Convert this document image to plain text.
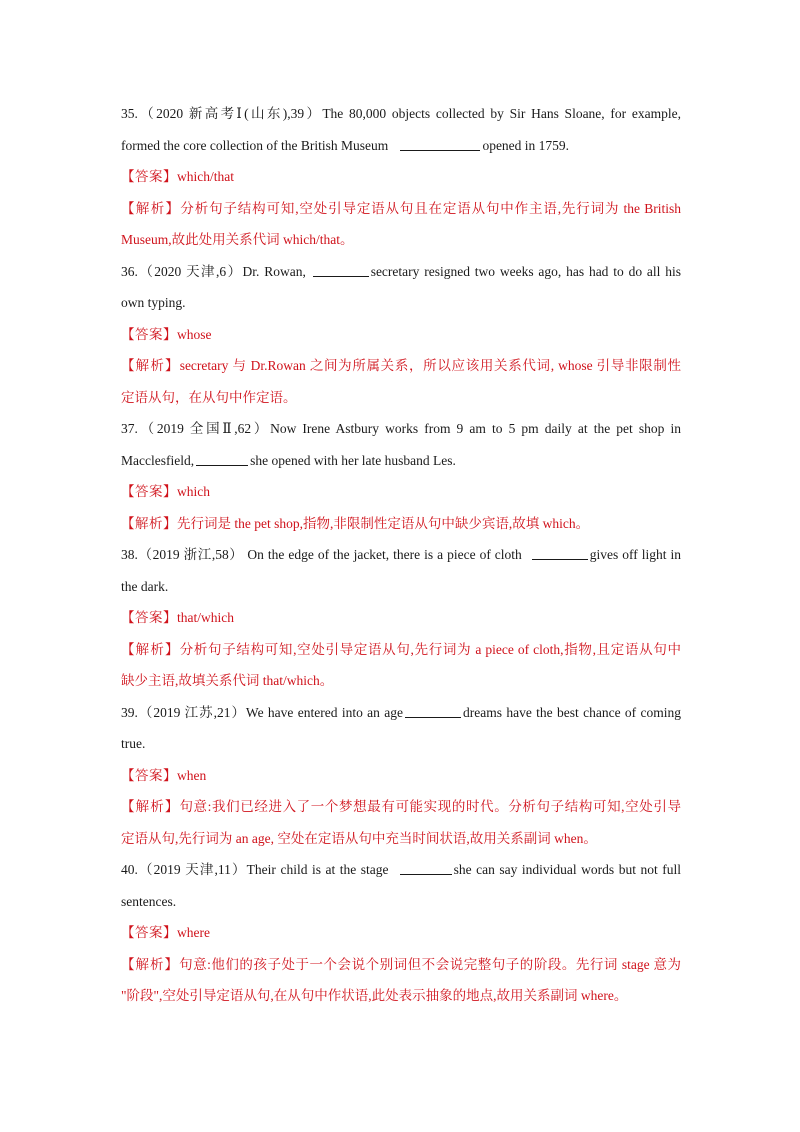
35.（2020 新高考Ⅰ(山东),39）The 80,000 objects collected by Sir Hans Sloane, for example,
formed the core collection of the British Museum	opened in 1759.
【答案】which/that
【解析】分析句子结构可知,空处引导定语从句且在定语从句中作主语,先行词为 the British
Museum,故此处用关系代词 which/that。
36.（2020 天津,6）Dr. Rowan,	secretary resigned two weeks ago, has had to do all his
own typing.
【答案】whose
【解析】secretary 与 Dr.Rowan 之间为所属关系，所以应该用关系代词, whose 引导非限制性
定语从句，在从句中作定语。
37.（2019 全国Ⅱ,62）Now Irene Astbury works from 9 am to 5 pm daily at the pet shop in
Macclesfield,	she opened with her late husband Les.
【答案】which
【解析】先行词是 the pet shop,指物,非限制性定语从句中缺少宾语,故填 which。
38.（2019 浙江,58） On the edge of the jacket, there is a piece of cloth	gives off light in
the dark.
【答案】that/which
【解析】分析句子结构可知,空处引导定语从句,先行词为 a piece of cloth,指物,且定语从句中
缺少主语,故填关系代词 that/which。
39.（2019 江苏,21）We have entered into an age	dreams have the best chance of coming
true.
【答案】when
【解析】句意:我们已经进入了一个梦想最有可能实现的时代。分析句子结构可知,空处引导
定语从句,先行词为 an age, 空处在定语从句中充当时间状语,故用关系副词 when。
40.（2019 天津,11）Their child is at the stage	she can say individual words but not full
sentences.
【答案】where
【解析】句意:他们的孩子处于一个会说个别词但不会说完整句子的阶段。先行词 stage 意为
"阶段",空处引导定语从句,在从句中作状语,此处表示抽象的地点,故用关系副词 where。
